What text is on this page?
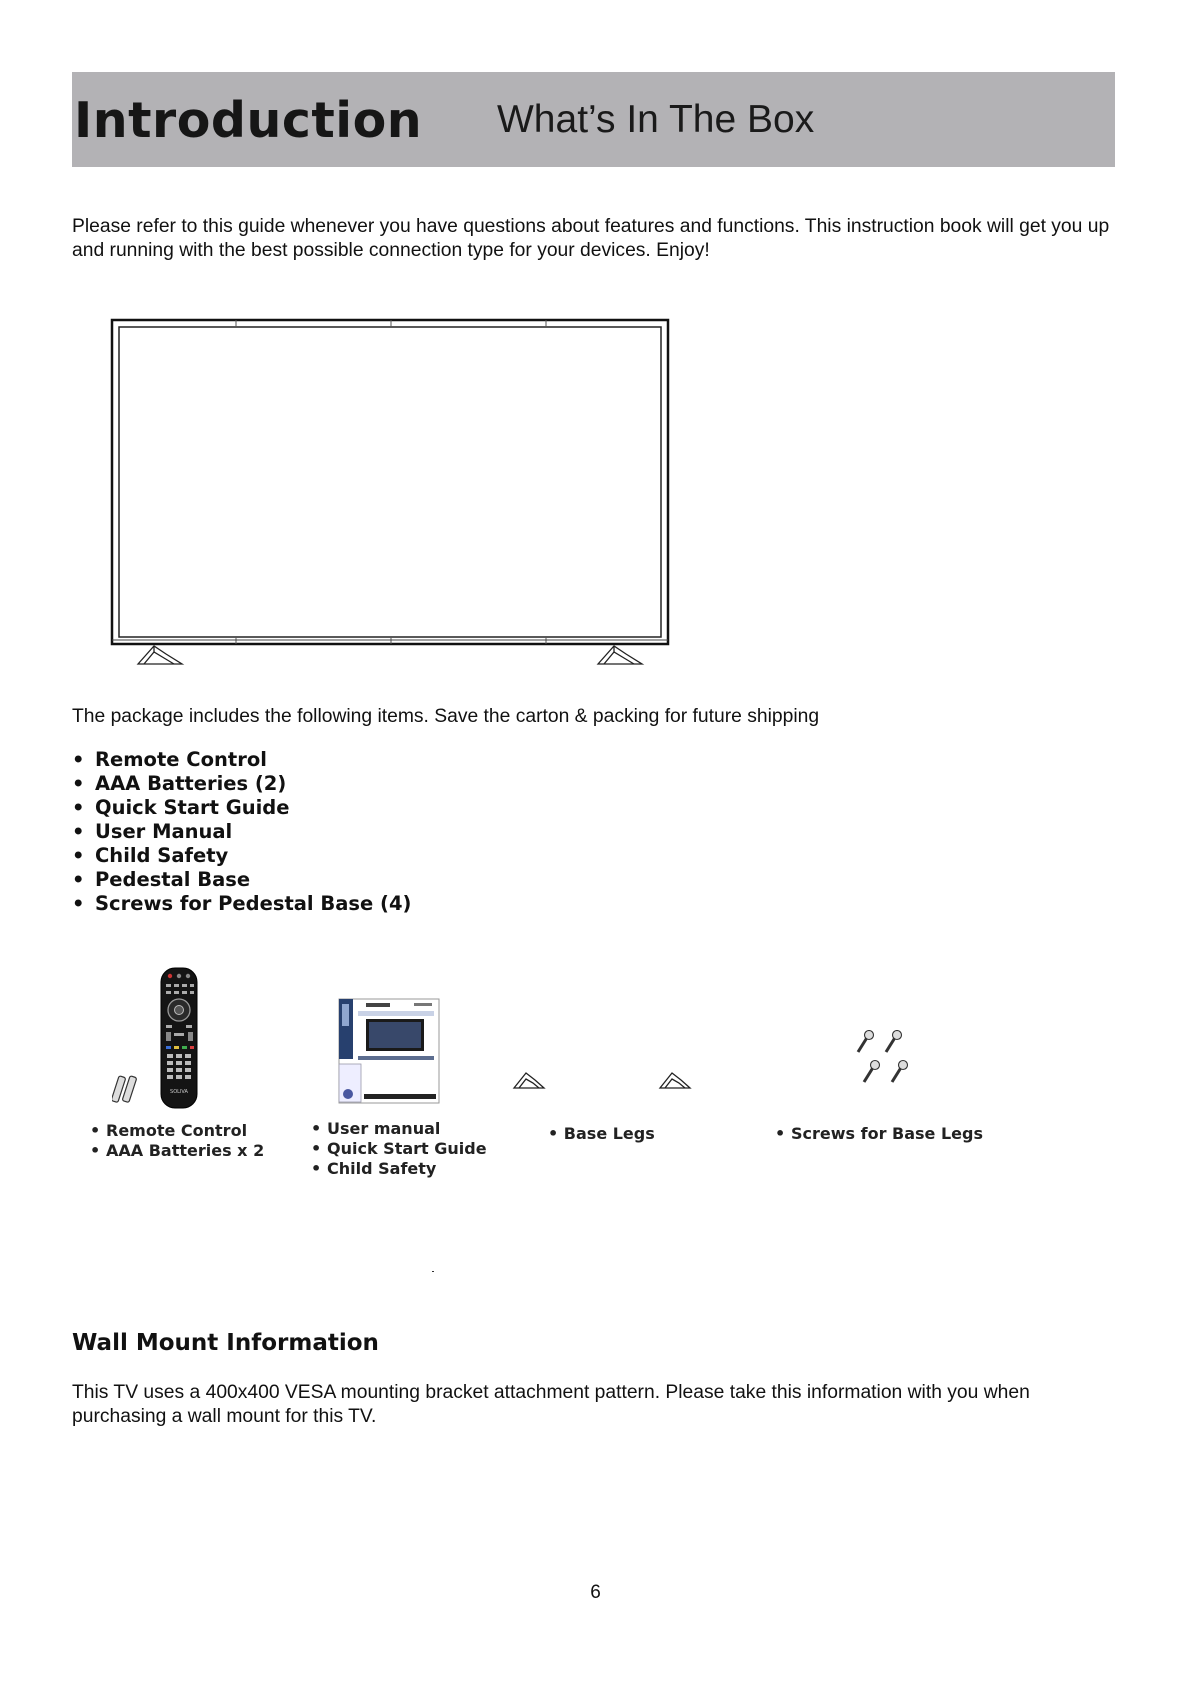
Introduction What’s In The Box
Please refer to this guide whenever you have questions about features and functions. This instruction book will get you up and running with the best possible connection type for your devices. Enjoy!
The package includes the following items. Save the carton & packing for future shipping
• Remote Control
• AAA Batteries (2)
• Quick Start Guide
• User Manual
• Child Safety
• Pedestal Base
• Screws for Pedestal Base (4)
SOLIVA
• Remote Control
• AAA Batteries x 2
• User manual
• Quick Start Guide
• Child Safety
• Base Legs	• Screws for Base Legs
Wall Mount Information
This TV uses a 400x400 VESA mounting bracket attachment pattern. Please take this information with you when purchasing a wall mount for this TV.
6
